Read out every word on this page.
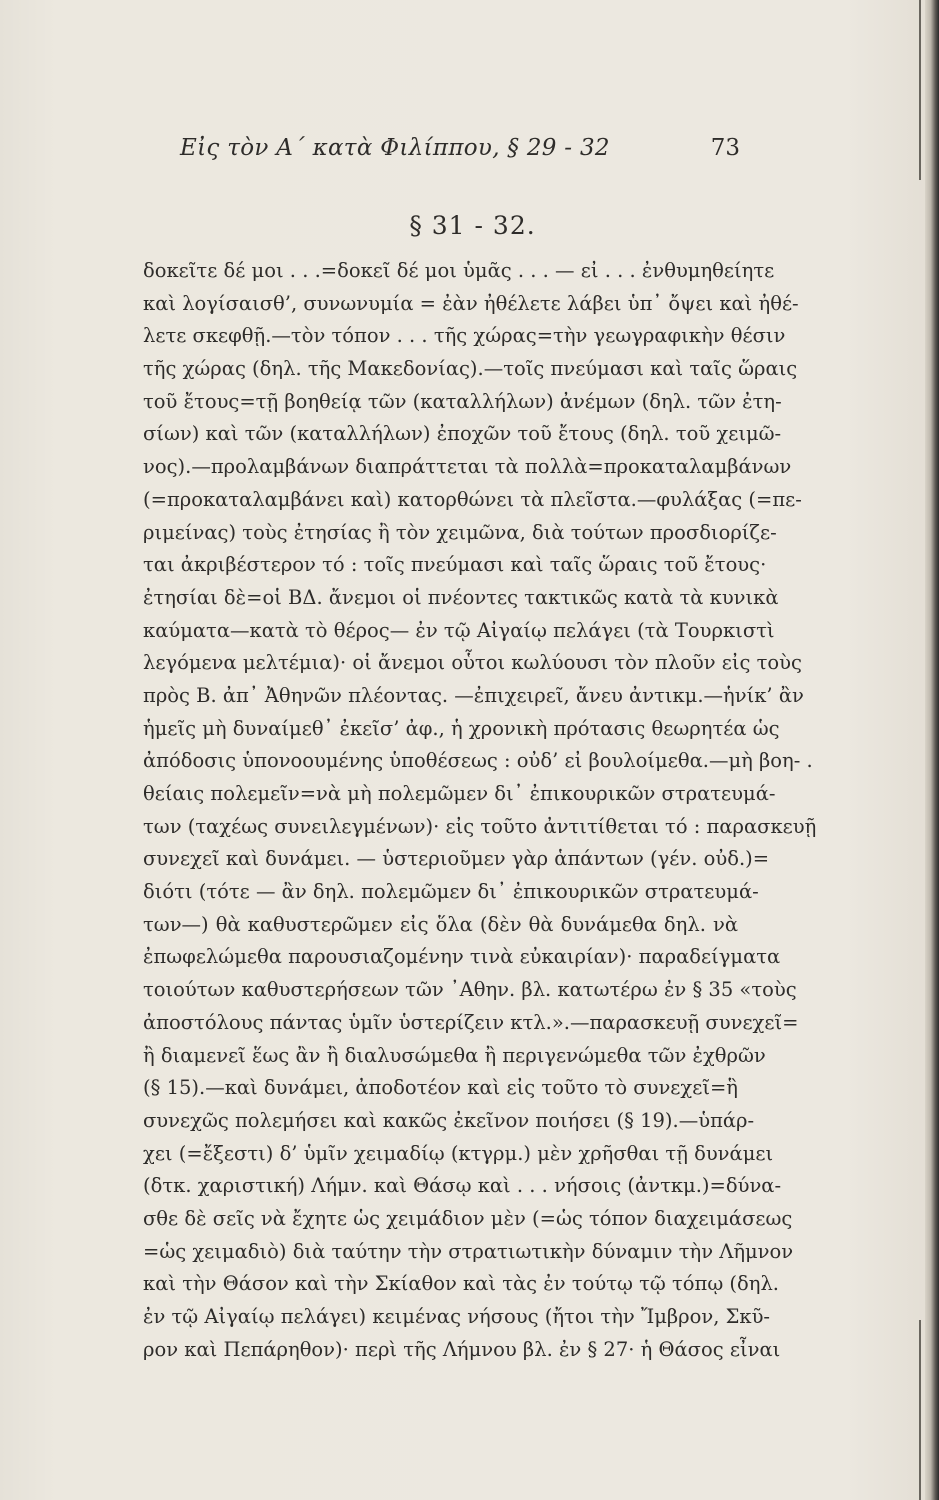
Εἰς τὸν Α΄ κατὰ Φιλίππου, § 29 - 32	73
§ 31 - 32.
δοκεῖτε δέ μοι . . .=δοκεῖ δέ μοι ὑμᾶς . . . — εἰ . . . ἐνθυμηθείητε
καὶ λογίσαισθ’, συνωνυμία = ἐὰν ἠθέλετε λάβει ὑπ᾿ ὄψει καὶ ἠθέ-
λετε σκεφθῇ.—τὸν τόπον . . . τῆς χώρας=τὴν γεωγραφικὴν θέσιν
τῆς χώρας (δηλ. τῆς Μακεδονίας).—τοῖς πνεύμασι καὶ ταῖς ὥραις
τοῦ ἔτους=τῇ βοηθείᾳ τῶν (καταλλήλων) ἀνέμων (δηλ. τῶν ἐτη-
σίων) καὶ τῶν (καταλλήλων) ἐποχῶν τοῦ ἔτους (δηλ. τοῦ χειμῶ-
νος).—προλαμβάνων διαπράττεται τὰ πολλὰ=προκαταλαμβάνων
(=προκαταλαμβάνει καὶ) κατορθώνει τὰ πλεῖστα.—φυλάξας (=πε-
ριμείνας) τοὺς ἐτησίας ἢ τὸν χειμῶνα, διὰ τούτων προσδιορίζε-
ται ἀκριβέστερον τό : τοῖς πνεύμασι καὶ ταῖς ὥραις τοῦ ἔτους·
ἐτησίαι δὲ=οἱ ΒΔ. ἄνεμοι οἱ πνέοντες τακτικῶς κατὰ τὰ κυνικὰ
καύματα—κατὰ τὸ θέρος— ἐν τῷ Αἰγαίῳ πελάγει (τὰ Τουρκιστὶ
λεγόμενα μελτέμια)· οἱ ἄνεμοι οὗτοι κωλύουσι τὸν πλοῦν εἰς τοὺς
πρὸς Β. ἀπ᾿ Ἀθηνῶν πλέοντας. —ἐπιχειρεῖ, ἄνευ ἀντικμ.—ἡνίκ’ ἂν
ἡμεῖς μὴ δυναίμεθ᾿ ἐκεῖσ’ ἀφ., ἡ χρονικὴ πρότασις θεωρητέα ὡς
ἀπόδοσις ὑπονοουμένης ὑποθέσεως : οὐδ’ εἰ βουλοίμεθα.—μὴ βοη- .
θείαις πολεμεῖν=νὰ μὴ πολεμῶμεν δι᾿ ἐπικουρικῶν στρατευμά-
των (ταχέως συνειλεγμένων)· εἰς τοῦτο ἀντιτίθεται τό : παρασκευῇ
συνεχεῖ καὶ δυνάμει. — ὑστεριοῦμεν γὰρ ἁπάντων (γέν. οὐδ.)=
διότι (τότε — ἂν δηλ. πολεμῶμεν δι᾿ ἐπικουρικῶν στρατευμά-
των—) θὰ καθυστερῶμεν εἰς ὅλα (δὲν θὰ δυνάμεθα δηλ. νὰ
ἐπωφελώμεθα παρουσιαζομένην τινὰ εὐκαιρίαν)· παραδείγματα
τοιούτων καθυστερήσεων τῶν ᾿Αθην. βλ. κατωτέρω ἐν § 35 «τοὺς
ἀποστόλους πάντας ὑμῖν ὑστερίζειν κτλ.».—παρασκευῇ συνεχεῖ=
ἢ διαμενεῖ ἕως ἂν ἢ διαλυσώμεθα ἢ περιγενώμεθα τῶν ἐχθρῶν
(§ 15).—καὶ δυνάμει, ἀποδοτέον καὶ εἰς τοῦτο τὸ συνεχεῖ=ἣ
συνεχῶς πολεμήσει καὶ κακῶς ἐκεῖνον ποιήσει (§ 19).—ὑπάρ-
χει (=ἔξεστι) δ’ ὑμῖν χειμαδίῳ (κτγρμ.) μὲν χρῆσθαι τῇ δυνάμει
(δτκ. χαριστική) Λήμν. καὶ Θάσῳ καὶ . . . νήσοις (ἀντκμ.)=δύνα-
σθε δὲ σεῖς νὰ ἔχητε ὡς χειμάδιον μὲν (=ὡς τόπον διαχειμάσεως
=ὡς χειμαδιὸ) διὰ ταύτην τὴν στρατιωτικὴν δύναμιν τὴν Λῆμνον
καὶ τὴν Θάσον καὶ τὴν Σκίαθον καὶ τὰς ἐν τούτῳ τῷ τόπῳ (δηλ.
ἐν τῷ Αἰγαίῳ πελάγει) κειμένας νήσους (ἤτοι τὴν Ἴμβρον, Σκῦ-
ρον καὶ Πεπάρηθον)· περὶ τῆς Λήμνου βλ. ἐν § 27· ἡ Θάσος εἶναι
